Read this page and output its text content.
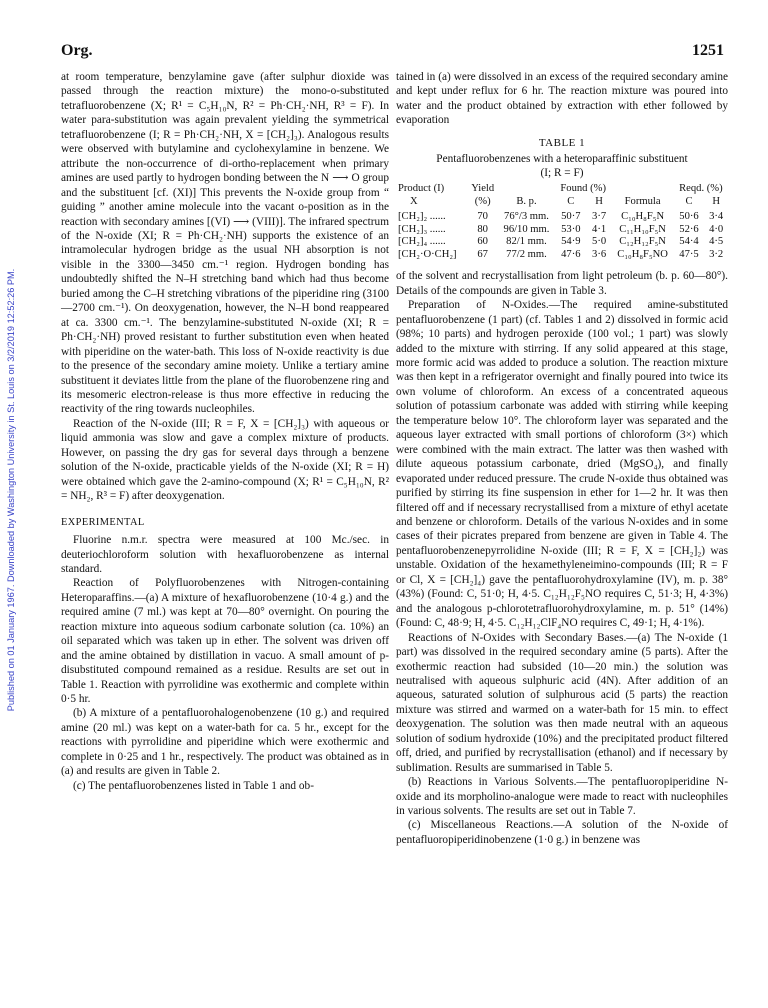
Org.	1251
Published on 01 January 1967. Downloaded by Washington University in St. Louis on 3/2/2019 12:52:26 PM.

at room temperature, benzylamine gave (after sulphur dioxide was passed through the reaction mixture) the mono-o-substituted tetrafluorobenzene (X; R¹ = C₅H₁₀N, R² = Ph·CH₂·NH, R³ = F). In water para-substitution was again prevalent yielding the symmetrical tetrafluorobenzene (I; R = Ph·CH₂·NH, X = [CH₂]₃). Analogous results were observed with butylamine and cyclohexylamine in benzene. We attribute the non-occurrence of di-ortho-replacement when primary amines are used partly to hydrogen bonding between the N ⟶ O group and the substituent [cf. (XI)] This prevents the N-oxide group from “ guiding ” another amine molecule into the vacant o-position as in the reaction with secondary amines [(VI) ⟶ (VIII)]. The infrared spectrum of the N-oxide (XI; R = Ph·CH₂·NH) supports the existence of an intramolecular hydrogen bridge as the usual NH absorption is not visible in the 3300—3450 cm.⁻¹ region. Hydrogen bonding has undoubtedly shifted the N–H stretching band which had thus become buried among the C–H stretching vibrations of the piperidine ring (3100—2700 cm.⁻¹). On deoxygenation, however, the N–H bond reappeared at ca. 3300 cm.⁻¹. The benzylamine-substituted N-oxide (XI; R = Ph·CH₂·NH) proved resistant to further substitution even when heated with piperidine on the water-bath. This loss of N-oxide reactivity is due to the presence of the secondary amine moiety. Unlike a tertiary amine substituent it deviates little from the plane of the fluorobenzene ring and its mesomeric electron-release is thus more effective in reducing the reactivity of the ring towards nucleophiles.

Reaction of the N-oxide (III; R = F, X = [CH₂]₃) with aqueous or liquid ammonia was slow and gave a complex mixture of products. However, on passing the dry gas for several days through a benzene solution of the N-oxide, practicable yields of the N-oxide (XI; R = H) were obtained which gave the 2-amino-compound (X; R¹ = C₅H₁₀N, R² = NH₂, R³ = F) after deoxygenation.

EXPERIMENTAL

Fluorine n.m.r. spectra were measured at 100 Mc./sec. in deuteriochloroform solution with hexafluorobenzene as internal standard.

Reaction of Polyfluorobenzenes with Nitrogen-containing Heteroparaffins.—(a) A mixture of hexafluorobenzene (10·4 g.) and the required amine (7 ml.) was kept at 70—80° overnight. On pouring the reaction mixture into aqueous sodium carbonate solution (ca. 10%) an oil separated which was taken up in ether. The solvent was driven off and the amine obtained by distillation in vacuo. A small amount of p-disubstituted compound remained as a residue. Results are set out in Table 1. Reaction with pyrrolidine was exothermic and complete within 0·5 hr.

(b) A mixture of a pentafluorohalogenobenzene (10 g.) and required amine (20 ml.) was kept on a water-bath for ca. 5 hr., except for the reactions with pyrrolidine and piperidine which were exothermic and complete in 0·25 and 1 hr., respectively. The product was obtained as in (a) and results are given in Table 2.

(c) The pentafluorobenzenes listed in Table 1 and ob-

tained in (a) were dissolved in an excess of the required secondary amine and kept under reflux for 6 hr. The reaction mixture was poured into water and the product obtained by extraction with ether followed by evaporation

TABLE 1
Pentafluorobenzenes with a heteroparaffinic substituent
(I; R = F)
Product (I)	Yield		Found (%)			Reqd. (%)	
X	(%)	B. p.	C	H	Formula	C	H
[CH₂]₂ ......	70	76°/3 mm.	50·7	3·7	C₁₀H₈F₅N	50·6	3·4
[CH₂]₃ ......	80	96/10 mm.	53·0	4·1	C₁₁H₁₀F₅N	52·6	4·0
[CH₂]₄ ......	60	82/1 mm.	54·9	5·0	C₁₂H₁₂F₅N	54·4	4·5
[CH₂·O·CH₂]	67	77/2 mm.	47·6	3·6	C₁₀H₈F₅NO	47·5	3·2

of the solvent and recrystallisation from light petroleum (b. p. 60—80°). Details of the compounds are given in Table 3.

Preparation of N-Oxides.—The required amine-substituted pentafluorobenzene (1 part) (cf. Tables 1 and 2) dissolved in formic acid (98%; 10 parts) and hydrogen peroxide (100 vol.; 1 part) was slowly added to the mixture with stirring. If any solid appeared at this stage, more formic acid was added to produce a solution. The reaction mixture was then kept in a refrigerator overnight and finally poured into twice its own volume of chloroform. An excess of a concentrated aqueous solution of potassium carbonate was added with stirring while keeping the temperature below 10°. The chloroform layer was separated and the aqueous layer extracted with small portions of chloroform (3×) which were combined with the main extract. The latter was then washed with dilute aqueous potassium carbonate, dried (MgSO₄), and finally evaporated under reduced pressure. The crude N-oxide thus obtained was purified by stirring its fine suspension in ether for 1—2 hr. It was then filtered off and if necessary recrystallised from a mixture of ethyl acetate and benzene or chloroform. Details of the various N-oxides and in some cases of their picrates prepared from benzene are given in Table 4. The pentafluorobenzenepyrrolidine N-oxide (III; R = F, X = [CH₂]₂) was unstable. Oxidation of the hexamethyleneimino-compounds (III; R = F or Cl, X = [CH₂]₄) gave the pentafluorohydroxylamine (IV), m. p. 38° (43%) (Found: C, 51·0; H, 4·5. C₁₂H₁₂F₅NO requires C, 51·3; H, 4·3%) and the analogous p-chlorotetrafluorohydroxylamine, m. p. 51° (14%) (Found: C, 48·9; H, 4·5. C₁₂H₁₂ClF₄NO requires C, 49·1; H, 4·1%).

Reactions of N-Oxides with Secondary Bases.—(a) The N-oxide (1 part) was dissolved in the required secondary amine (5 parts). After the exothermic reaction had subsided (10—20 min.) the solution was neutralised with aqueous sulphuric acid (4N). After addition of an aqueous, saturated solution of sulphurous acid (5 parts) the reaction mixture was stirred and warmed on a water-bath for 15 min. to effect deoxygenation. The solution was then made neutral with an aqueous solution of sodium hydroxide (10%) and the precipitated product filtered off, dried, and purified by recrystallisation (ethanol) and if necessary by sublimation. Results are summarised in Table 5.

(b) Reactions in Various Solvents.—The pentafluoropiperidine N-oxide and its morpholino-analogue were made to react with nucleophiles in various solvents. The results are set out in Table 7.

(c) Miscellaneous Reactions.—A solution of the N-oxide of pentafluoropiperidinobenzene (1·0 g.) in benzene was
